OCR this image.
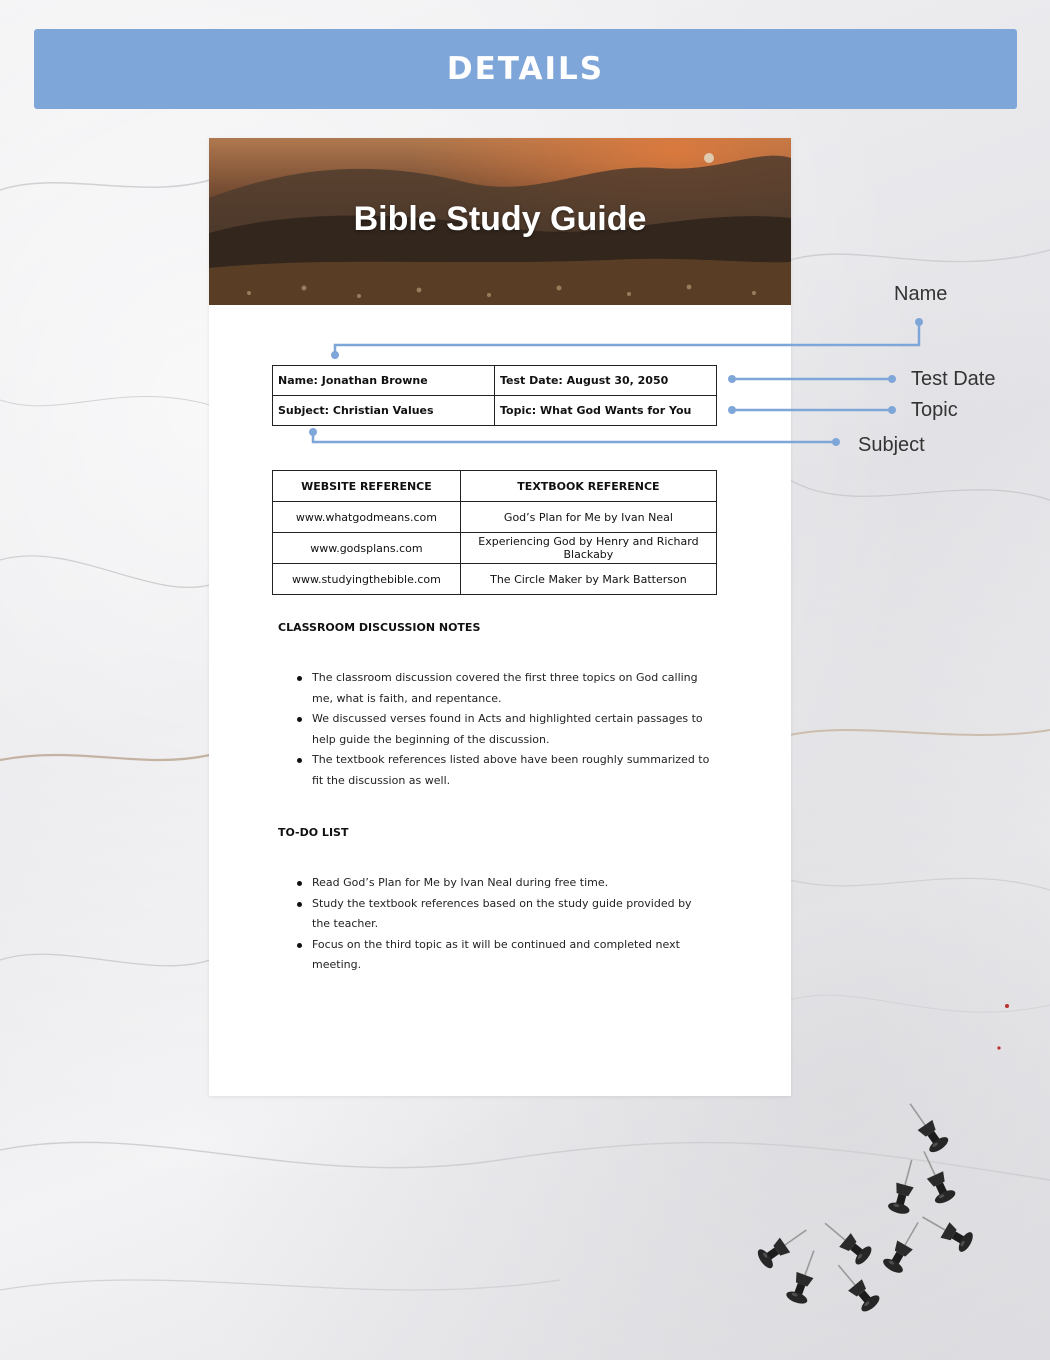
DETAILS
Bible Study Guide
Name: Jonathan Browne	Test Date: August 30, 2050
Subject: Christian Values	Topic: What God Wants for You
WEBSITE REFERENCE	TEXTBOOK REFERENCE
www.whatgodmeans.com	God’s Plan for Me by Ivan Neal
www.godsplans.com	Experiencing God by Henry and Richard Blackaby
www.studyingthebible.com	The Circle Maker by Mark Batterson
CLASSROOM DISCUSSION NOTES
The classroom discussion covered the first three topics on God calling me, what is faith, and repentance.
We discussed verses found in Acts and highlighted certain passages to help guide the beginning of the discussion.
The textbook references listed above have been roughly summarized to fit the discussion as well.
TO-DO LIST
Read God’s Plan for Me by Ivan Neal during free time.
Study the textbook references based on the study guide provided by the teacher.
Focus on the third topic as it will be continued and completed next meeting.
Name
Test Date
Topic
Subject
